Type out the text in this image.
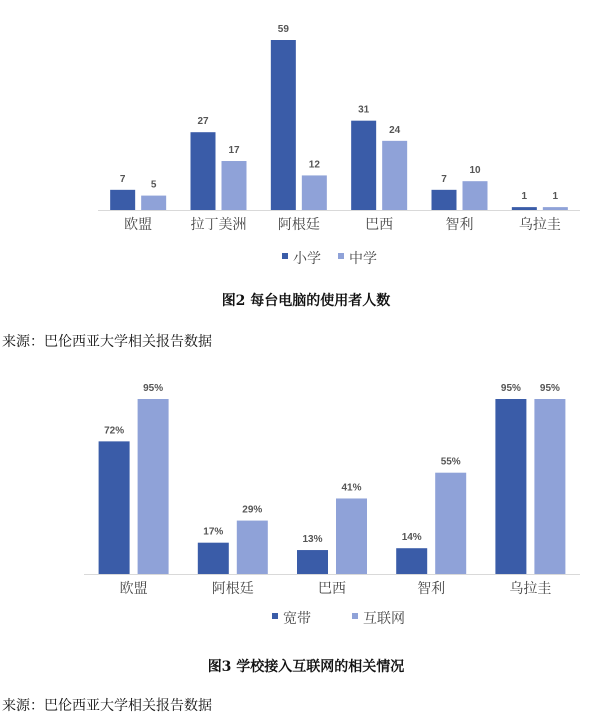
7
5
欧盟
27
17
拉丁美洲
59
12
阿根廷
31
24
巴西
7
10
智利
1	1
乌拉圭
小学 中学
图2 每台电脑的使用者人数
来源：巴伦西亚大学相关报告数据
72%
95%
欧盟
17%
29%
阿根廷
13%
41%
巴西
14%
55%
智利
95% 95%
乌拉圭
宽带	互联网
图3 学校接入互联网的相关情况
来源：巴伦西亚大学相关报告数据
